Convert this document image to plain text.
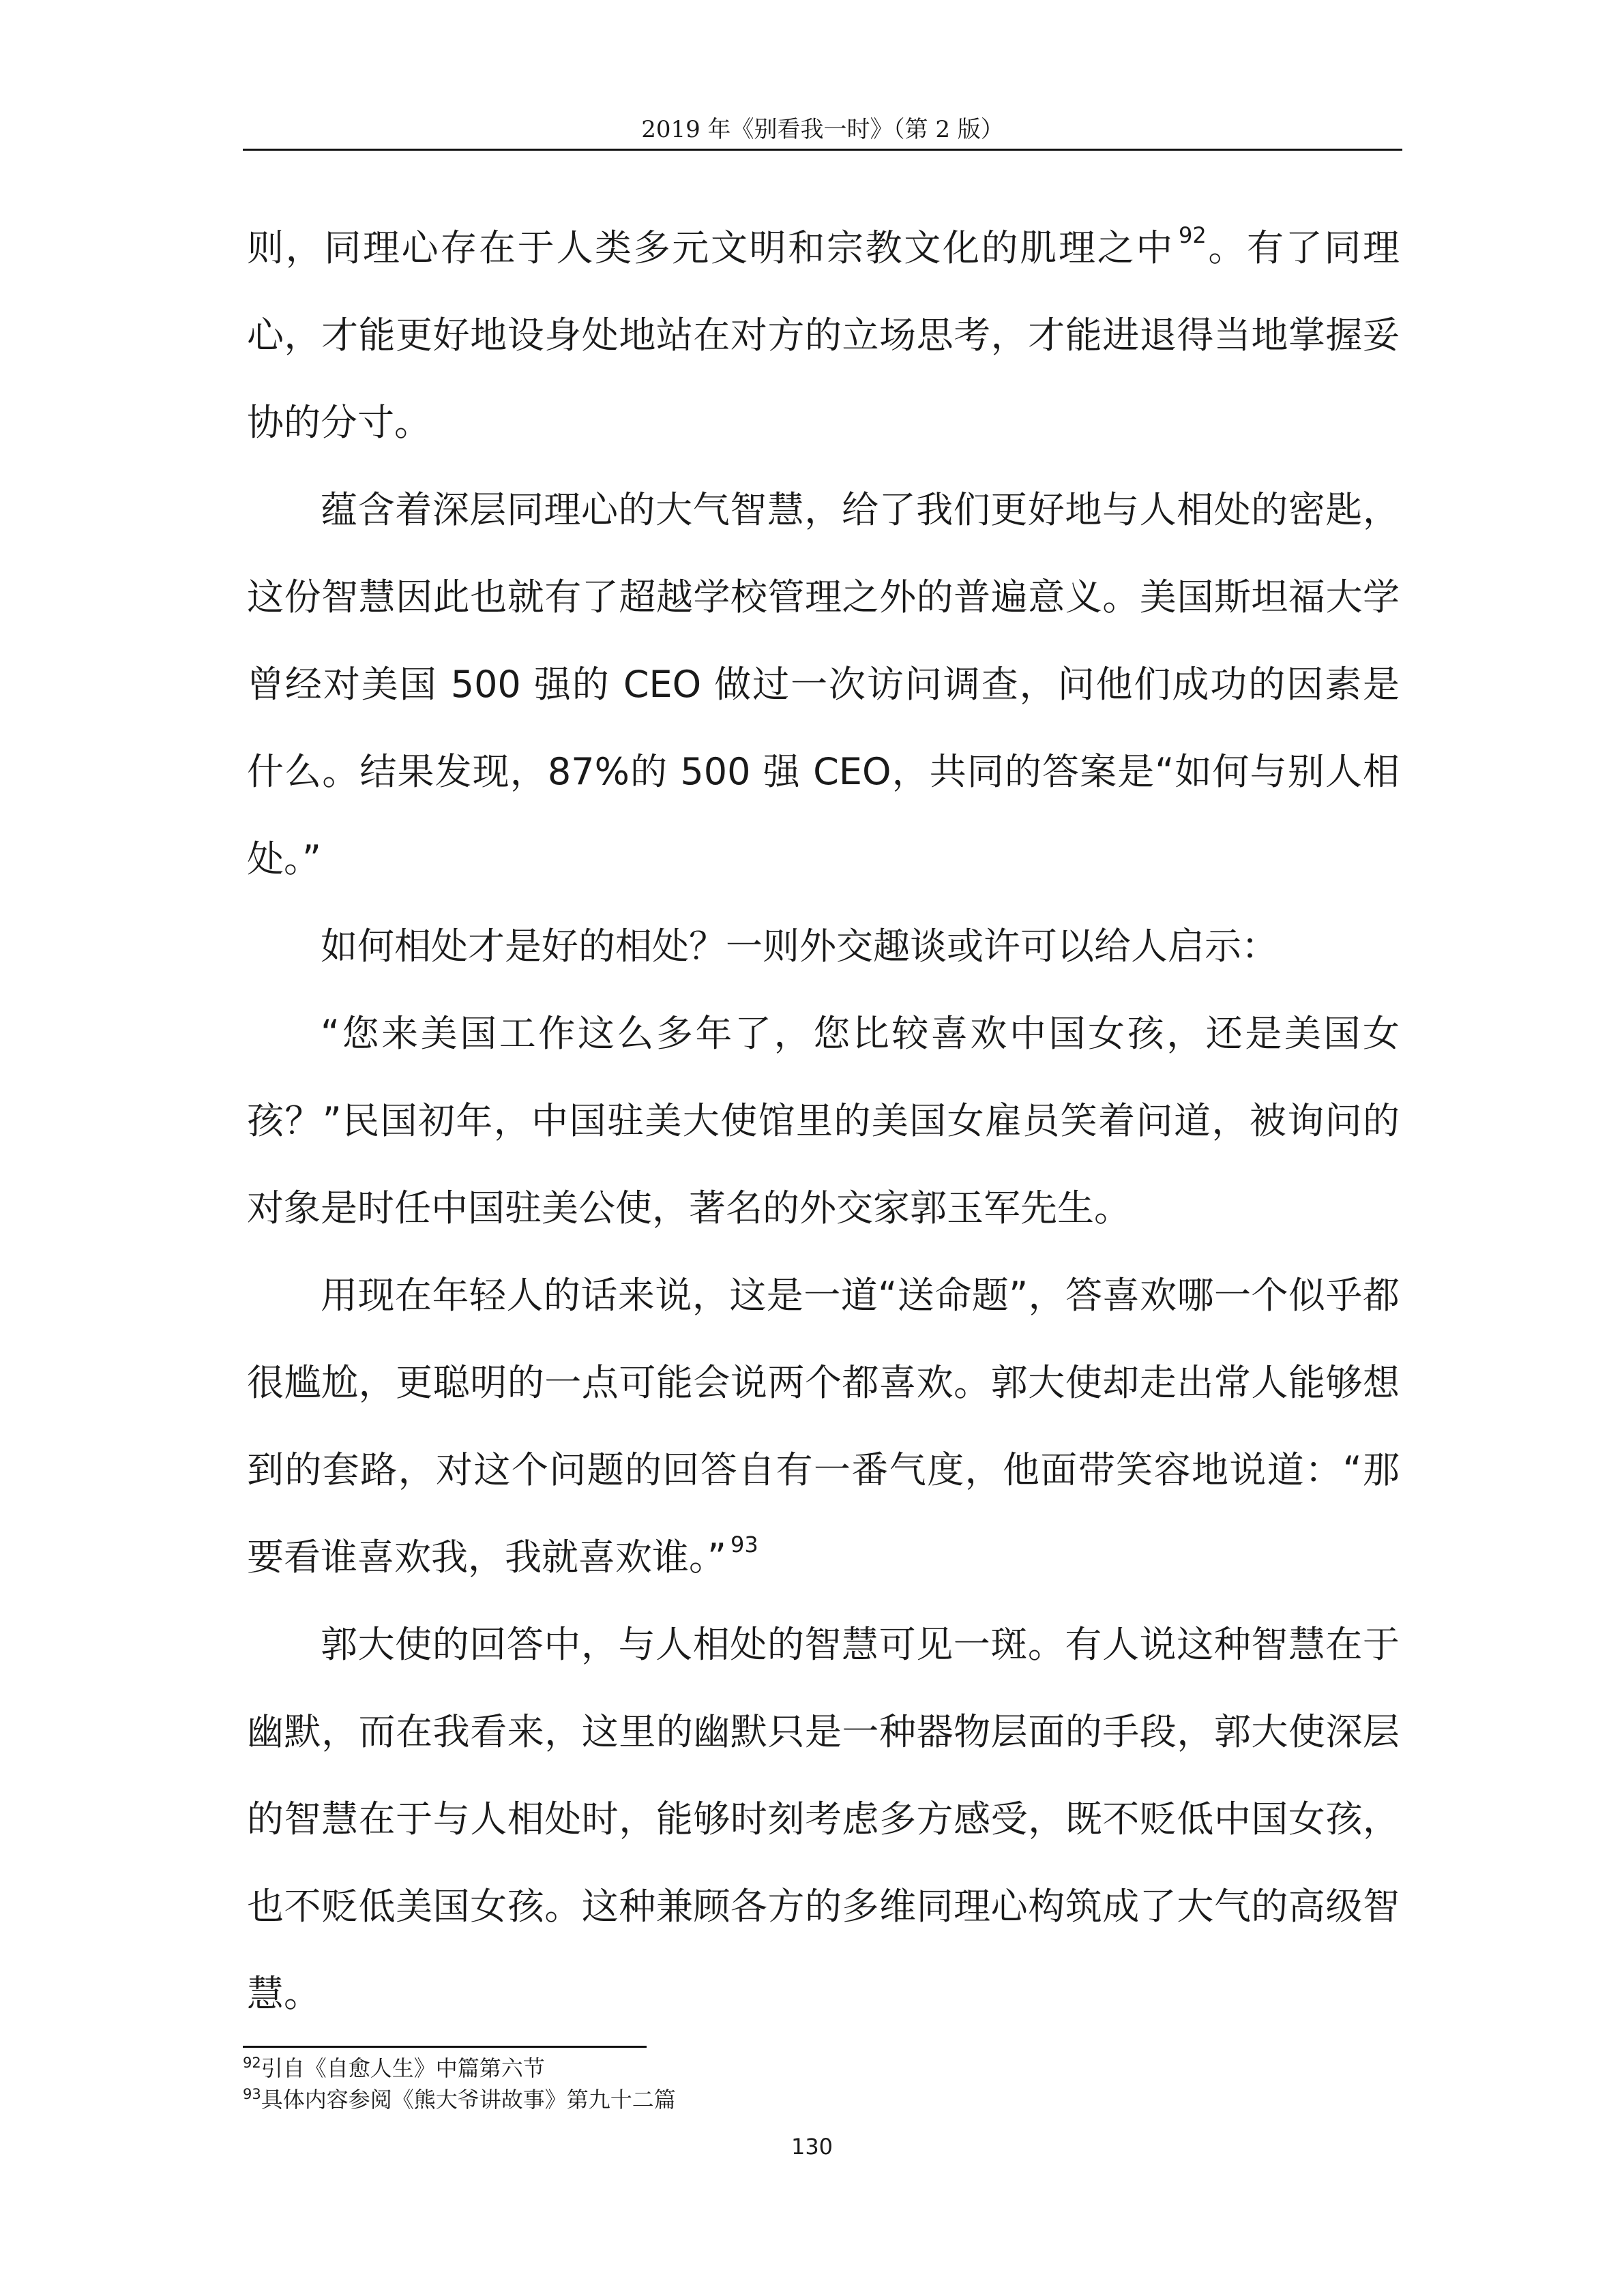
2019 年《别看我一时》（第 2 版）

则，同理心存在于人类多元文明和宗教文化的肌理之中 $^{92}$。有了同理心，才能更好地设身处地站在对方的立场思考，才能进退得当地掌握妥协的分寸。

蕴含着深层同理心的大气智慧，给了我们更好地与人相处的密匙，这份智慧因此也就有了超越学校管理之外的普遍意义。美国斯坦福大学曾经对美国 500 强的 CEO 做过一次访问调查，问他们成功的因素是什么。结果发现，87%的 500 强 CEO，共同的答案是“如何与别人相处。”

如何相处才是好的相处？一则外交趣谈或许可以给人启示：

“您来美国工作这么多年了，您比较喜欢中国女孩，还是美国女孩？”民国初年，中国驻美大使馆里的美国女雇员笑着问道，被询问的对象是时任中国驻美公使，著名的外交家郭玉军先生。

用现在年轻人的话来说，这是一道“送命题”，答喜欢哪一个似乎都很尴尬，更聪明的一点可能会说两个都喜欢。郭大使却走出常人能够想到的套路，对这个问题的回答自有一番气度，他面带笑容地说道：“那要看谁喜欢我，我就喜欢谁。” $^{93}$

郭大使的回答中，与人相处的智慧可见一斑。有人说这种智慧在于幽默，而在我看来，这里的幽默只是一种器物层面的手段，郭大使深层的智慧在于与人相处时，能够时刻考虑多方感受，既不贬低中国女孩，也不贬低美国女孩。这种兼顾各方的多维同理心构筑成了大气的高级智慧。

$^{92}$引自《自愈人生》中篇第六节

$^{93}$具体内容参阅《熊大爷讲故事》第九十二篇

130
